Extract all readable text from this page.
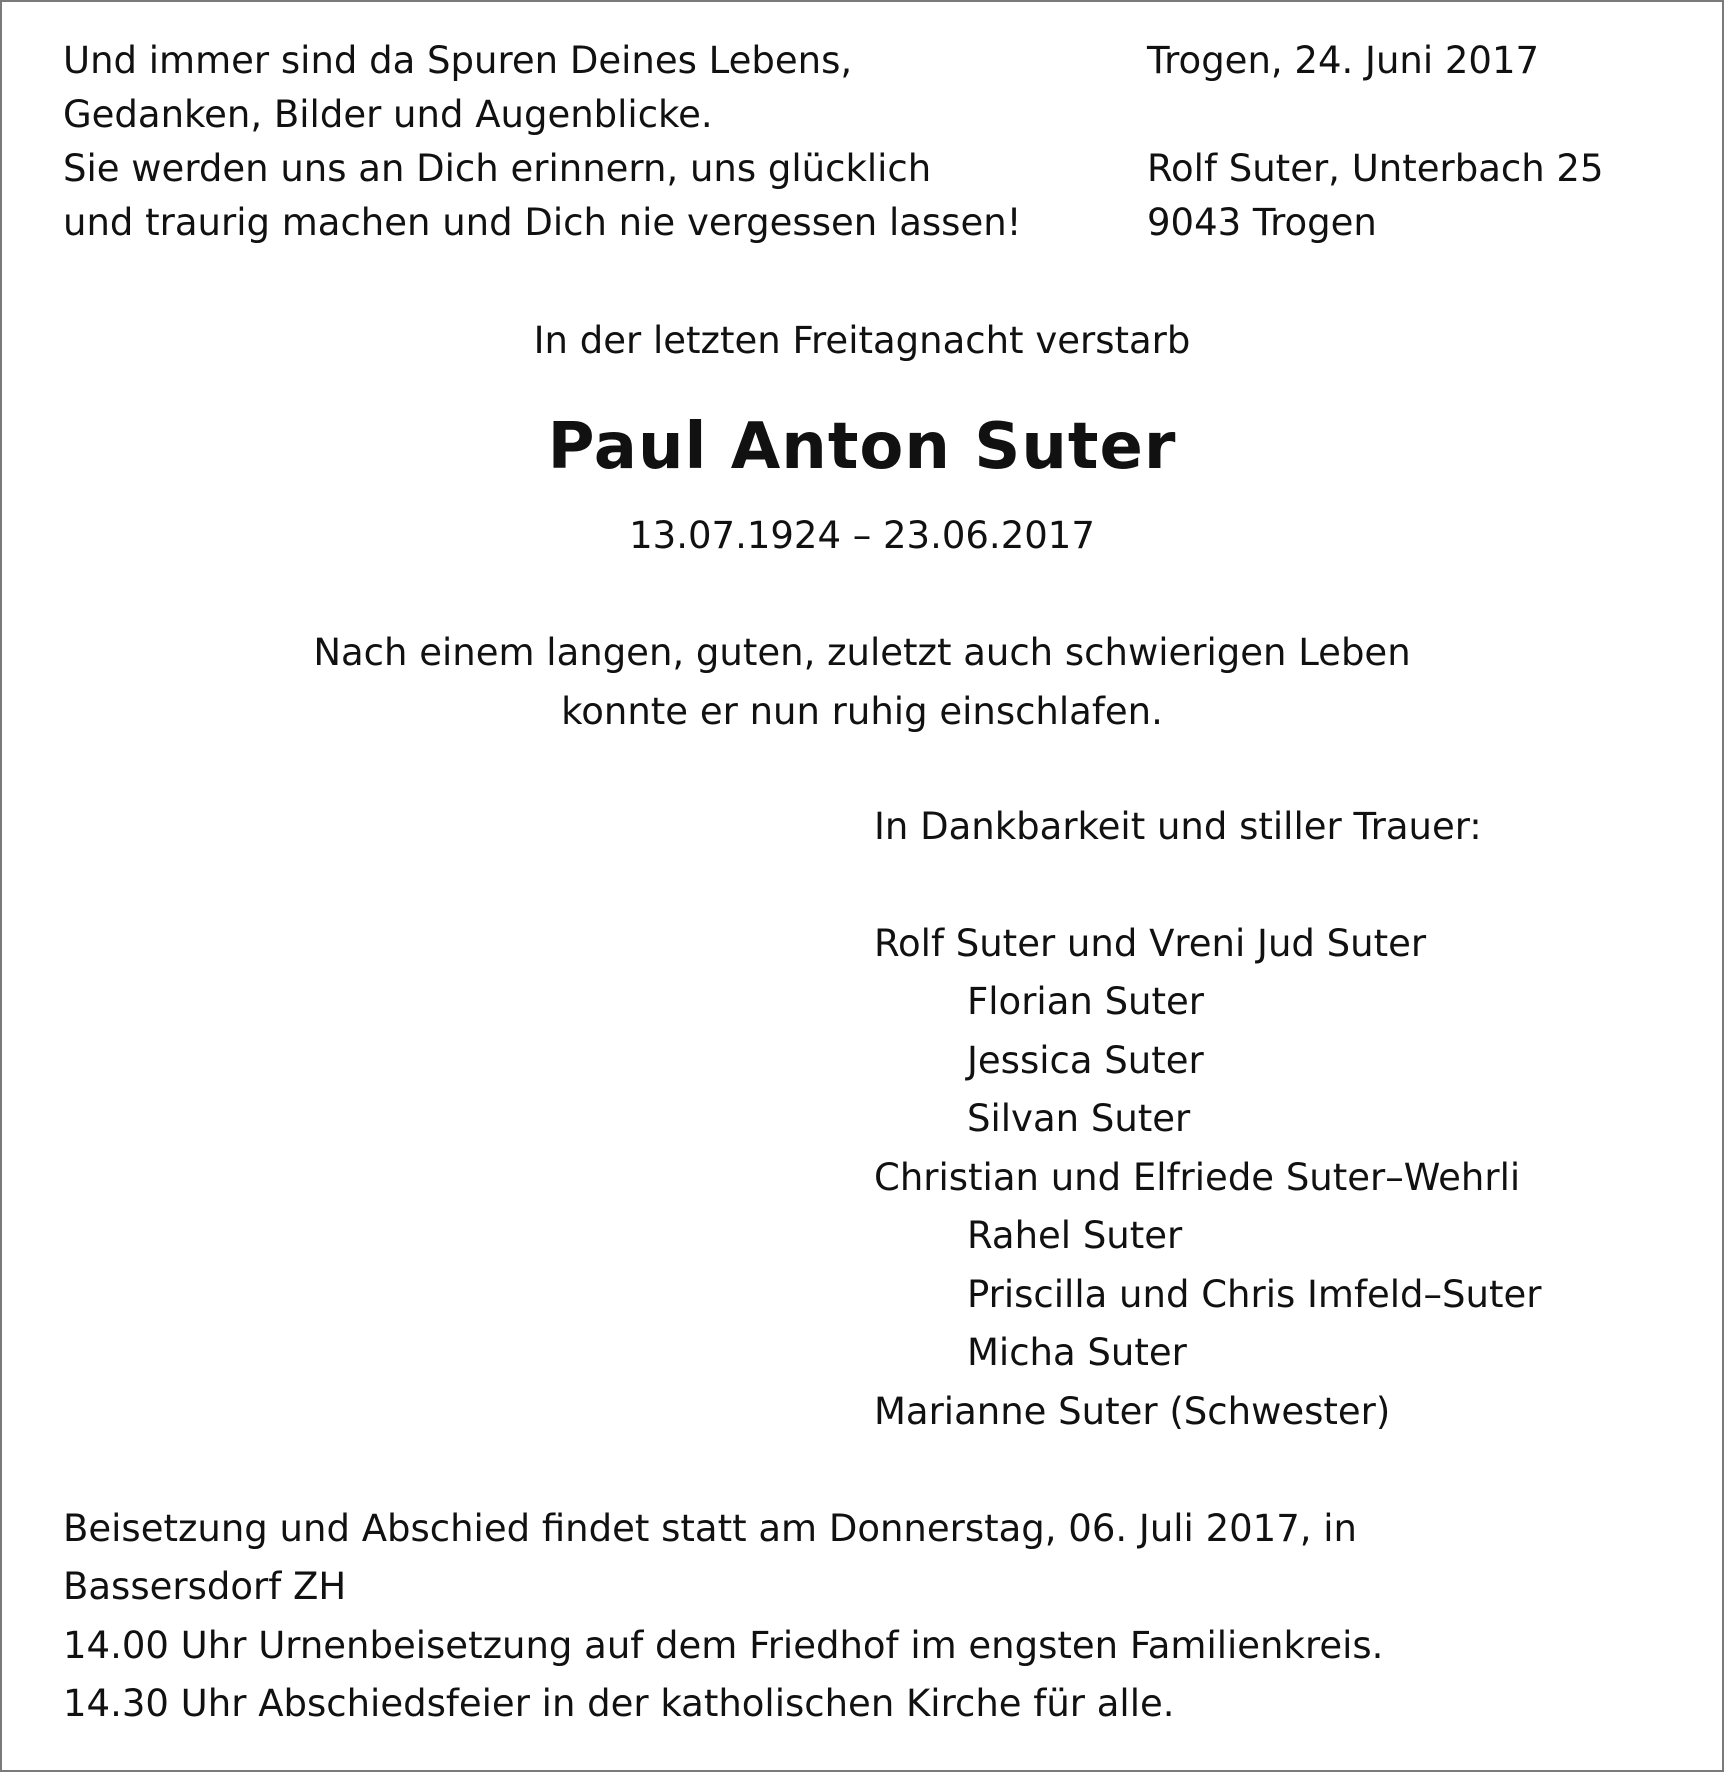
Und immer sind da Spuren Deines Lebens,
Gedanken, Bilder und Augenblicke.
Sie werden uns an Dich erinnern, uns glücklich
und traurig machen und Dich nie vergessen lassen!
Trogen, 24. Juni 2017
Rolf Suter, Unterbach 25
9043 Trogen
In der letzten Freitagnacht verstarb
Paul Anton Suter
13.07.1924 – 23.06.2017
Nach einem langen, guten, zuletzt auch schwierigen Leben
konnte er nun ruhig einschlafen.
In Dankbarkeit und stiller Trauer:
Rolf Suter und Vreni Jud Suter
Florian Suter
Jessica Suter
Silvan Suter
Christian und Elfriede Suter–Wehrli
Rahel Suter
Priscilla und Chris Imfeld–Suter
Micha Suter
Marianne Suter (Schwester)
Beisetzung und Abschied findet statt am Donnerstag, 06. Juli 2017, in
Bassersdorf ZH
14.00 Uhr Urnenbeisetzung auf dem Friedhof im engsten Familienkreis.
14.30 Uhr Abschiedsfeier in der katholischen Kirche für alle.
